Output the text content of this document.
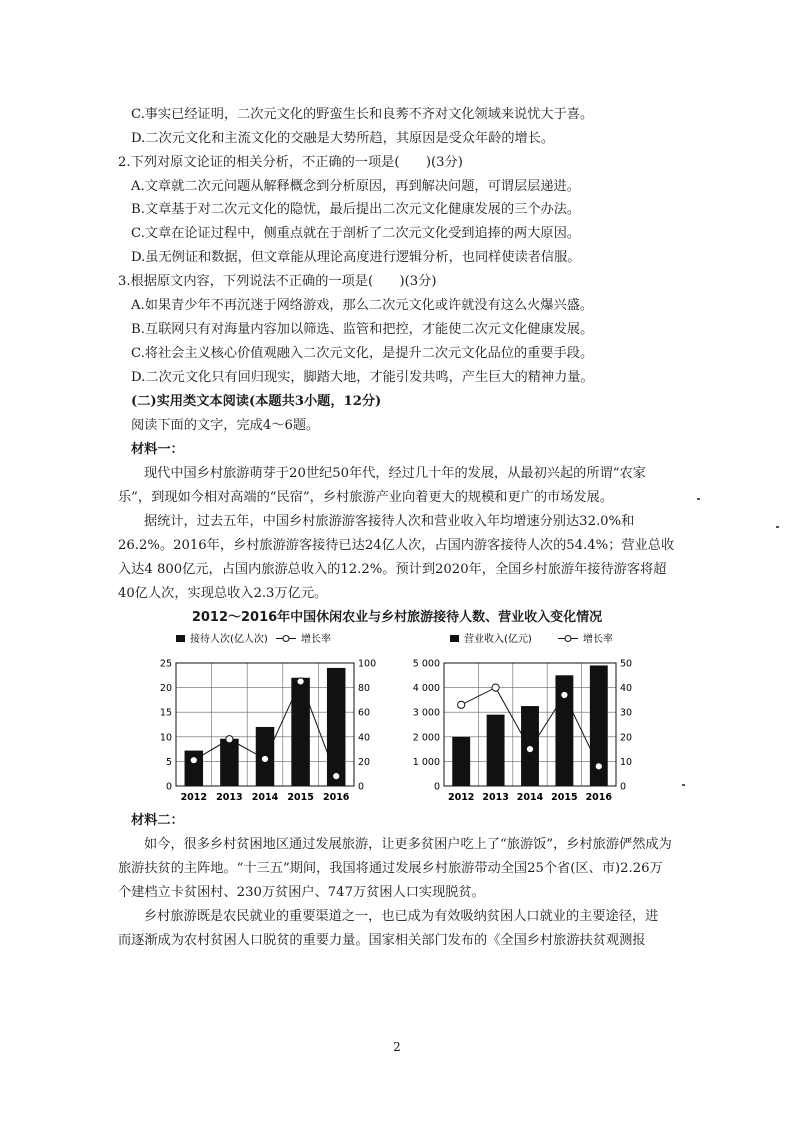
C.事实已经证明，二次元文化的野蛮生长和良莠不齐对文化领域来说忧大于喜。
D.二次元文化和主流文化的交融是大势所趋，其原因是受众年龄的增长。
2.下列对原文论证的相关分析，不正确的一项是(　　)(3分)
A.文章就二次元问题从解释概念到分析原因，再到解决问题，可谓层层递进。
B.文章基于对二次元文化的隐忧，最后提出二次元文化健康发展的三个办法。
C.文章在论证过程中，侧重点就在于剖析了二次元文化受到追捧的两大原因。
D.虽无例证和数据，但文章能从理论高度进行逻辑分析，也同样使读者信服。
3.根据原文内容，下列说法不正确的一项是(　　)(3分)
A.如果青少年不再沉迷于网络游戏，那么二次元文化或许就没有这么火爆兴盛。
B.互联网只有对海量内容加以筛选、监管和把控，才能使二次元文化健康发展。
C.将社会主义核心价值观融入二次元文化，是提升二次元文化品位的重要手段。
D.二次元文化只有回归现实，脚踏大地，才能引发共鸣，产生巨大的精神力量。
(二)实用类文本阅读(本题共3小题，12分)
阅读下面的文字，完成4～6题。
材料一：
现代中国乡村旅游萌芽于20世纪50年代，经过几十年的发展，从最初兴起的所谓“农家
乐”，到现如今相对高端的“民宿”，乡村旅游产业向着更大的规模和更广的市场发展。
据统计，过去五年，中国乡村旅游游客接待人次和营业收入年均增速分别达32.0%和
26.2%。2016年，乡村旅游游客接待已达24亿人次，占国内游客接待人次的54.4%；营业总收
入达4 800亿元，占国内旅游总收入的12.2%。预计到2020年，全国乡村旅游年接待游客将超
40亿人次，实现总收入2.3万亿元。
2012～2016年中国休闲农业与乡村旅游接待人数、营业收入变化情况
接待人次(亿人次)	增长率
0
5
10
15
20
25
0
20
40
60
80
100
2012 2013 2014 2015 2016
营业收入(亿元)	增长率
0
1 000
2 000
3 000
4 000
5 000
0
10
20
30
40
50
2012 2013 2014 2015 2016
材料二：
如今，很多乡村贫困地区通过发展旅游，让更多贫困户吃上了“旅游饭”，乡村旅游俨然成为
旅游扶贫的主阵地。“十三五”期间，我国将通过发展乡村旅游带动全国25个省(区、市)2.26万
个建档立卡贫困村、230万贫困户、747万贫困人口实现脱贫。
乡村旅游既是农民就业的重要渠道之一，也已成为有效吸纳贫困人口就业的主要途径，进
而逐渐成为农村贫困人口脱贫的重要力量。国家相关部门发布的《全国乡村旅游扶贫观测报
2
